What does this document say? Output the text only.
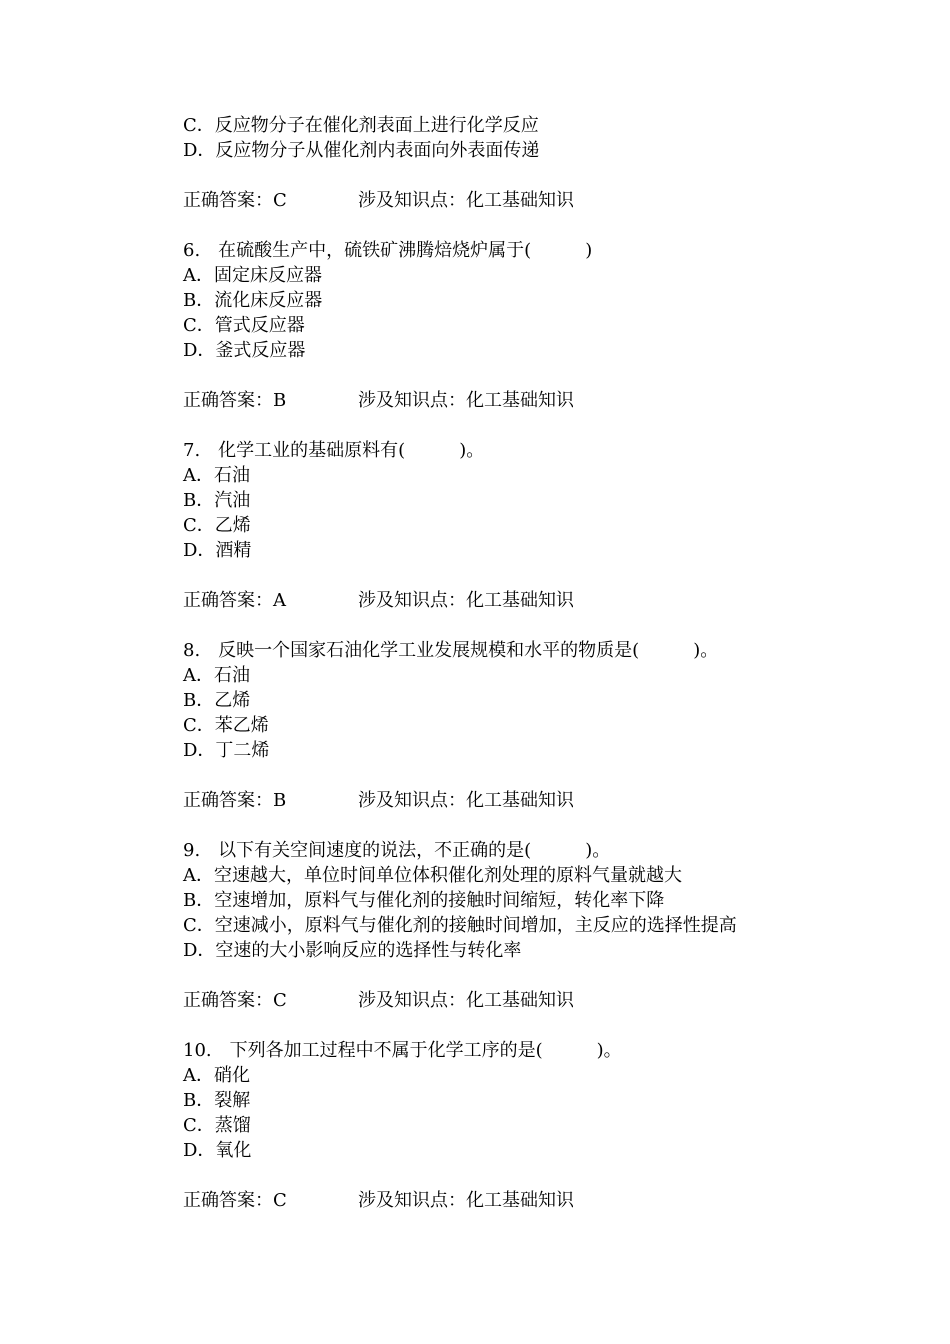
C．反应物分子在催化剂表面上进行化学反应
D．反应物分子从催化剂内表面向外表面传递
正确答案：C	涉及知识点：化工基础知识
6.　在硫酸生产中，硫铁矿沸腾焙烧炉属于(　　　)
A．固定床反应器
B．流化床反应器
C．管式反应器
D．釜式反应器
正确答案：B	涉及知识点：化工基础知识
7.　化学工业的基础原料有(　　　)。
A．石油
B．汽油
C．乙烯
D．酒精
正确答案：A	涉及知识点：化工基础知识
8.　反映一个国家石油化学工业发展规模和水平的物质是(　　　)。
A．石油
B．乙烯
C．苯乙烯
D．丁二烯
正确答案：B	涉及知识点：化工基础知识
9.　以下有关空间速度的说法，不正确的是(　　　)。
A．空速越大，单位时间单位体积催化剂处理的原料气量就越大
B．空速增加，原料气与催化剂的接触时间缩短，转化率下降
C．空速减小，原料气与催化剂的接触时间增加，主反应的选择性提高
D．空速的大小影响反应的选择性与转化率
正确答案：C	涉及知识点：化工基础知识
10.　下列各加工过程中不属于化学工序的是(　　　)。
A．硝化
B．裂解
C．蒸馏
D．氧化
正确答案：C	涉及知识点：化工基础知识
